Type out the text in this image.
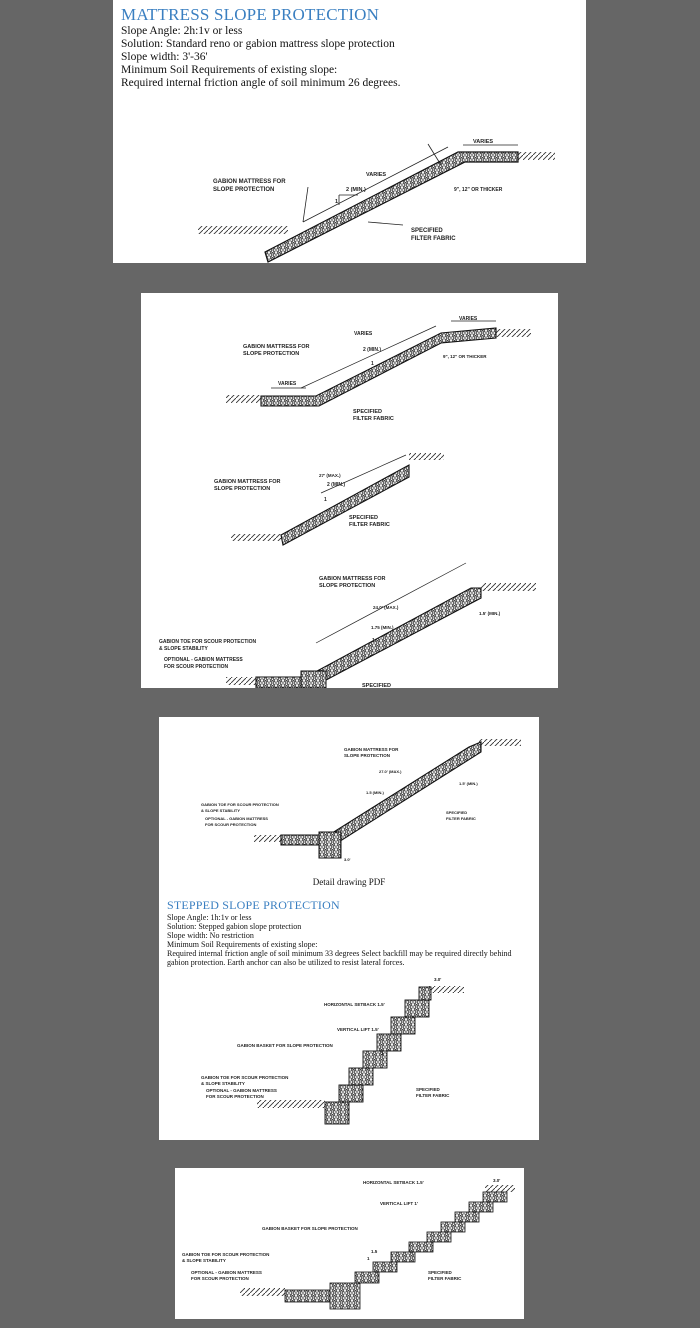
MATTRESS SLOPE PROTECTION

Slope Angle: 2h:1v or less

Solution: Standard reno or gabion mattress slope protection

Slope width: 3'-36'

Minimum Soil Requirements of existing slope:

Required internal friction angle of soil minimum 26 degrees.

GABION MATTRESS FOR
SLOPE PROTECTION
VARIES
VARIES
2 (MIN.)
1
9", 12" OR THICKER
SPECIFIED
FILTER FABRIC
GABION MATTRESS FOR
SLOPE PROTECTION
VARIES
VARIES
VARIES
2 (MIN.)
1
9", 12" OR THICKER
SPECIFIED
FILTER FABRIC
GABION MATTRESS FOR
SLOPE PROTECTION
27' (MAX.)
2 (MIN.)
1
SPECIFIED
FILTER FABRIC
GABION MATTRESS FOR
SLOPE PROTECTION
24.0' (MAX.)
1.75 (MIN.)
1
1.5' (MIN.)
GABION TOE FOR SCOUR PROTECTION
& SLOPE STABILITY
OPTIONAL - GABION MATTRESS
FOR SCOUR PROTECTION
SPECIFIED
GABION MATTRESS FOR
SLOPE PROTECTION
27.0' (MAX.)
1.5 (MIN.)
1.5' (MIN.)
GABION TOE FOR SCOUR PROTECTION
& SLOPE STABILITY
OPTIONAL - GABION MATTRESS
FOR SCOUR PROTECTION
SPECIFIED
FILTER FABRIC
3.0'
HORIZONTAL SETBACK 1.5'
VERTICAL LIFT 1.5'
3.0'
GABION BASKET FOR SLOPE PROTECTION
GABION TOE FOR SCOUR PROTECTION
& SLOPE STABILITY
OPTIONAL - GABION MATTRESS
FOR SCOUR PROTECTION
SPECIFIED
FILTER FABRIC
1
Detail drawing PDF
STEPPED SLOPE PROTECTION

Slope Angle: 1h:1v or less

Solution: Stepped gabion slope protection

Slope width: No restriction

Minimum Soil Requirements of existing slope:

Required internal friction angle of soil minimum 33 degrees Select backfill may be required directly behind gabion protection. Earth anchor can also be utilized to resist lateral forces.

HORIZONTAL SETBACK 1.5'
VERTICAL LIFT 1'
3.0'
GABION BASKET FOR SLOPE PROTECTION
1.5
1
GABION TOE FOR SCOUR PROTECTION
& SLOPE STABILITY
OPTIONAL - GABION MATTRESS
FOR SCOUR PROTECTION
SPECIFIED
FILTER FABRIC
